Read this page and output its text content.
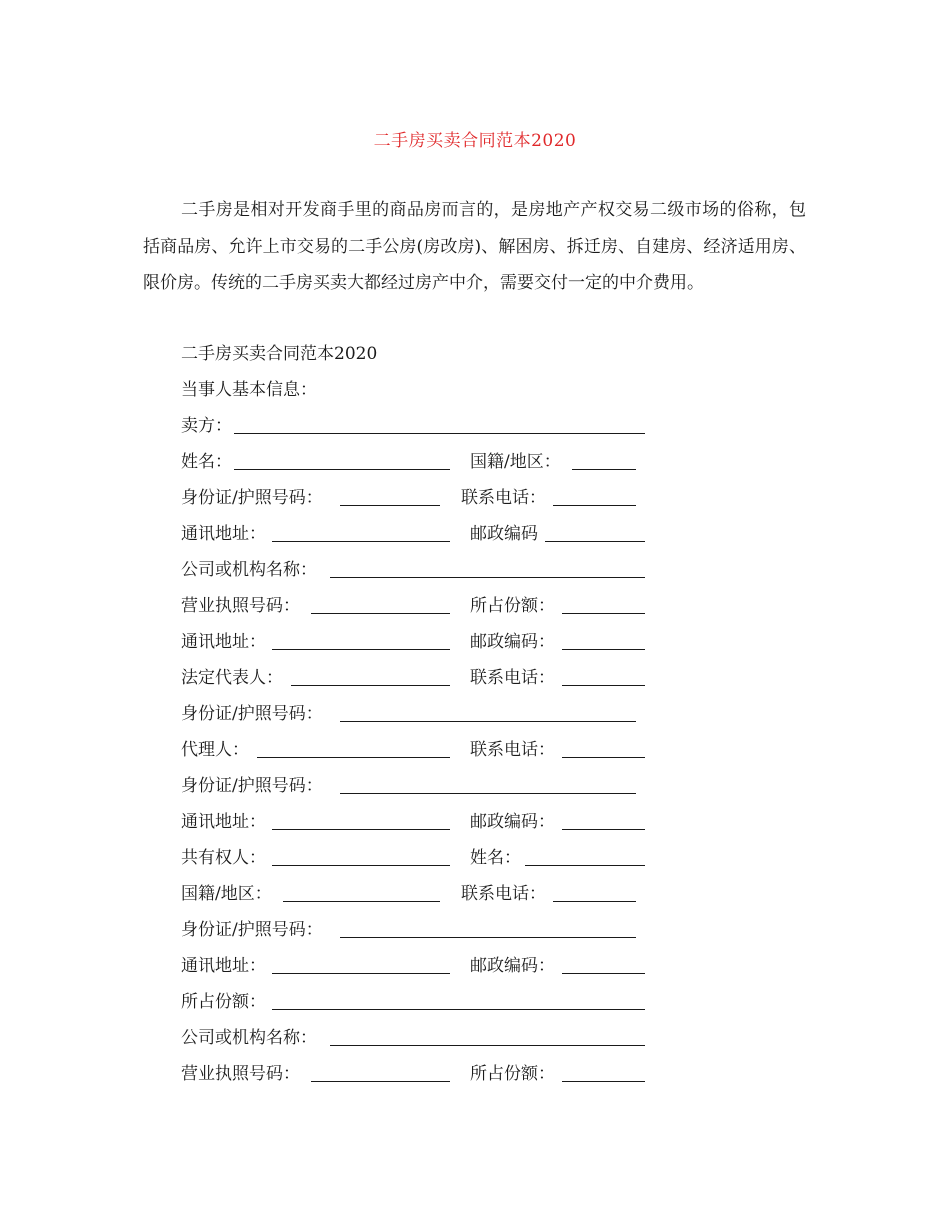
二手房买卖合同范本2020

二手房是相对开发商手里的商品房而言的，是房地产产权交易二级市场的俗称，包括商品房、允许上市交易的二手公房(房改房)、解困房、拆迁房、自建房、经济适用房、限价房。传统的二手房买卖大都经过房产中介，需要交付一定的中介费用。

二手房买卖合同范本2020
当事人基本信息：
卖方：
姓名：	国籍/地区：
身份证/护照号码：	联系电话：
通讯地址：	邮政编码
公司或机构名称：
营业执照号码：	所占份额：
通讯地址：	邮政编码：
法定代表人：	联系电话：
身份证/护照号码：
代理人：	联系电话：
身份证/护照号码：
通讯地址：	邮政编码：
共有权人：	姓名：
国籍/地区：	联系电话：
身份证/护照号码：
通讯地址：	邮政编码：
所占份额：
公司或机构名称：
营业执照号码：	所占份额：
